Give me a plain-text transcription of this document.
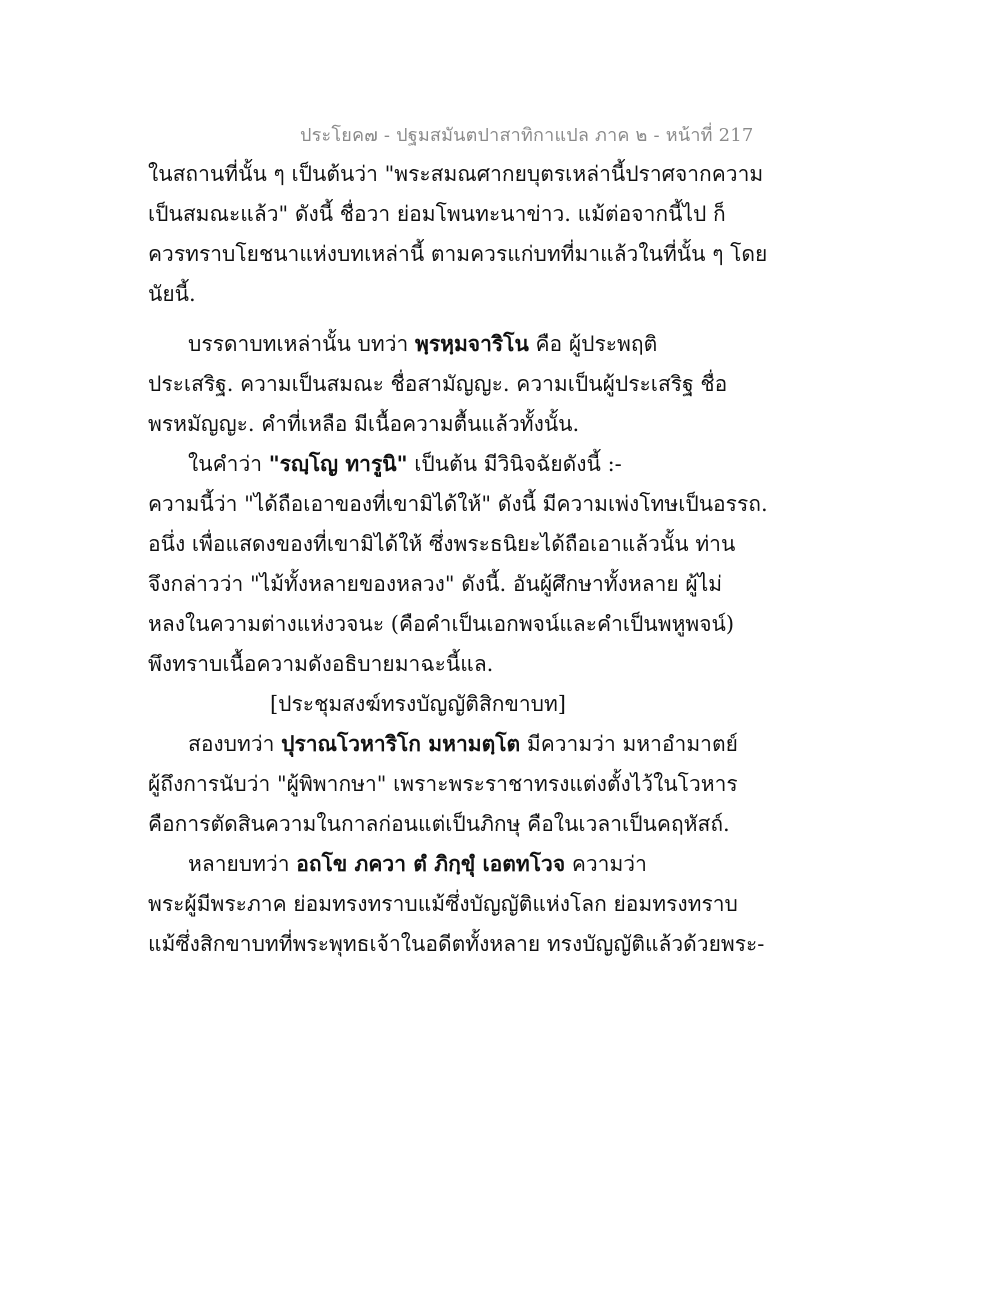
ประโยค๗ - ปฐมสมันตปาสาทิกาแปล ภาค ๒ - หน้าที่ 217
ในสถานที่นั้น ๆ เป็นต้นว่า "พระสมณศากยบุตรเหล่านี้ปราศจากความ
เป็นสมณะแล้ว" ดังนี้ ชื่อวา ย่อมโพนทะนาข่าว. แม้ต่อจากนี้ไป ก็
ควรทราบโยชนาแห่งบทเหล่านี้ ตามควรแก่บทที่มาแล้วในที่นั้น ๆ โดย
นัยนี้.
บรรดาบทเหล่านั้น บทว่า พฺรหฺมจาริโน คือ ผู้ประพฤติ
ประเสริฐ. ความเป็นสมณะ ชื่อสามัญญะ. ความเป็นผู้ประเสริฐ ชื่อ
พรหมัญญะ. คำที่เหลือ มีเนื้อความตื้นแล้วทั้งนั้น.
ในคำว่า "รญฺโญ ทารูนิ" เป็นต้น มีวินิจฉัยดังนี้ :-
ความนี้ว่า "ได้ถือเอาของที่เขามิได้ให้" ดังนี้ มีความเพ่งโทษเป็นอรรถ.
อนึ่ง เพื่อแสดงของที่เขามิได้ให้ ซึ่งพระธนิยะได้ถือเอาแล้วนั้น ท่าน
จึงกล่าวว่า "ไม้ทั้งหลายของหลวง" ดังนี้. อันผู้ศึกษาทั้งหลาย ผู้ไม่
หลงในความต่างแห่งวจนะ (คือคำเป็นเอกพจน์และคำเป็นพหูพจน์)
พึงทราบเนื้อความดังอธิบายมาฉะนี้แล.
[ประชุมสงฆ์ทรงบัญญัติสิกขาบท]
สองบทว่า ปุราณโวหาริโก มหามตฺโต มีความว่า มหาอำมาตย์
ผู้ถึงการนับว่า "ผู้พิพากษา" เพราะพระราชาทรงแต่งตั้งไว้ในโวหาร
คือการตัดสินความในกาลก่อนแต่เป็นภิกษุ คือในเวลาเป็นคฤหัสถ์.
หลายบทว่า อถโข ภควา ตํ ภิกฺขุํ เอตทโวจ ความว่า
พระผู้มีพระภาค ย่อมทรงทราบแม้ซึ่งบัญญัติแห่งโลก ย่อมทรงทราบ
แม้ซึ่งสิกขาบทที่พระพุทธเจ้าในอดีตทั้งหลาย ทรงบัญญัติแล้วด้วยพระ-
